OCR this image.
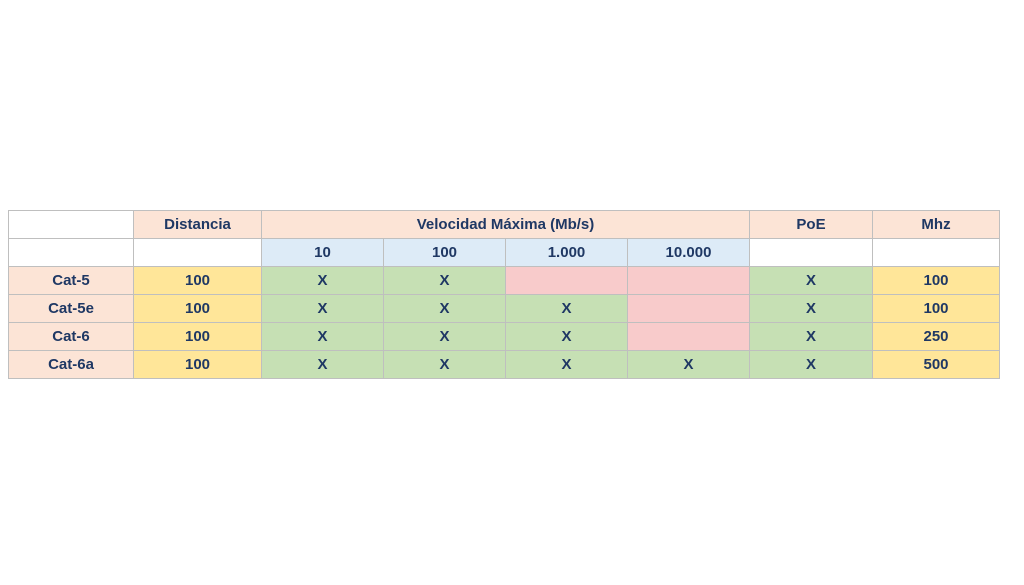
	Distancia	Velocidad Máxima (Mb/s)				PoE	Mhz
		10	100	1.000	10.000		
Cat-5	100	X	X			X	100
Cat-5e	100	X	X	X		X	100
Cat-6	100	X	X	X		X	250
Cat-6a	100	X	X	X	X	X	500
